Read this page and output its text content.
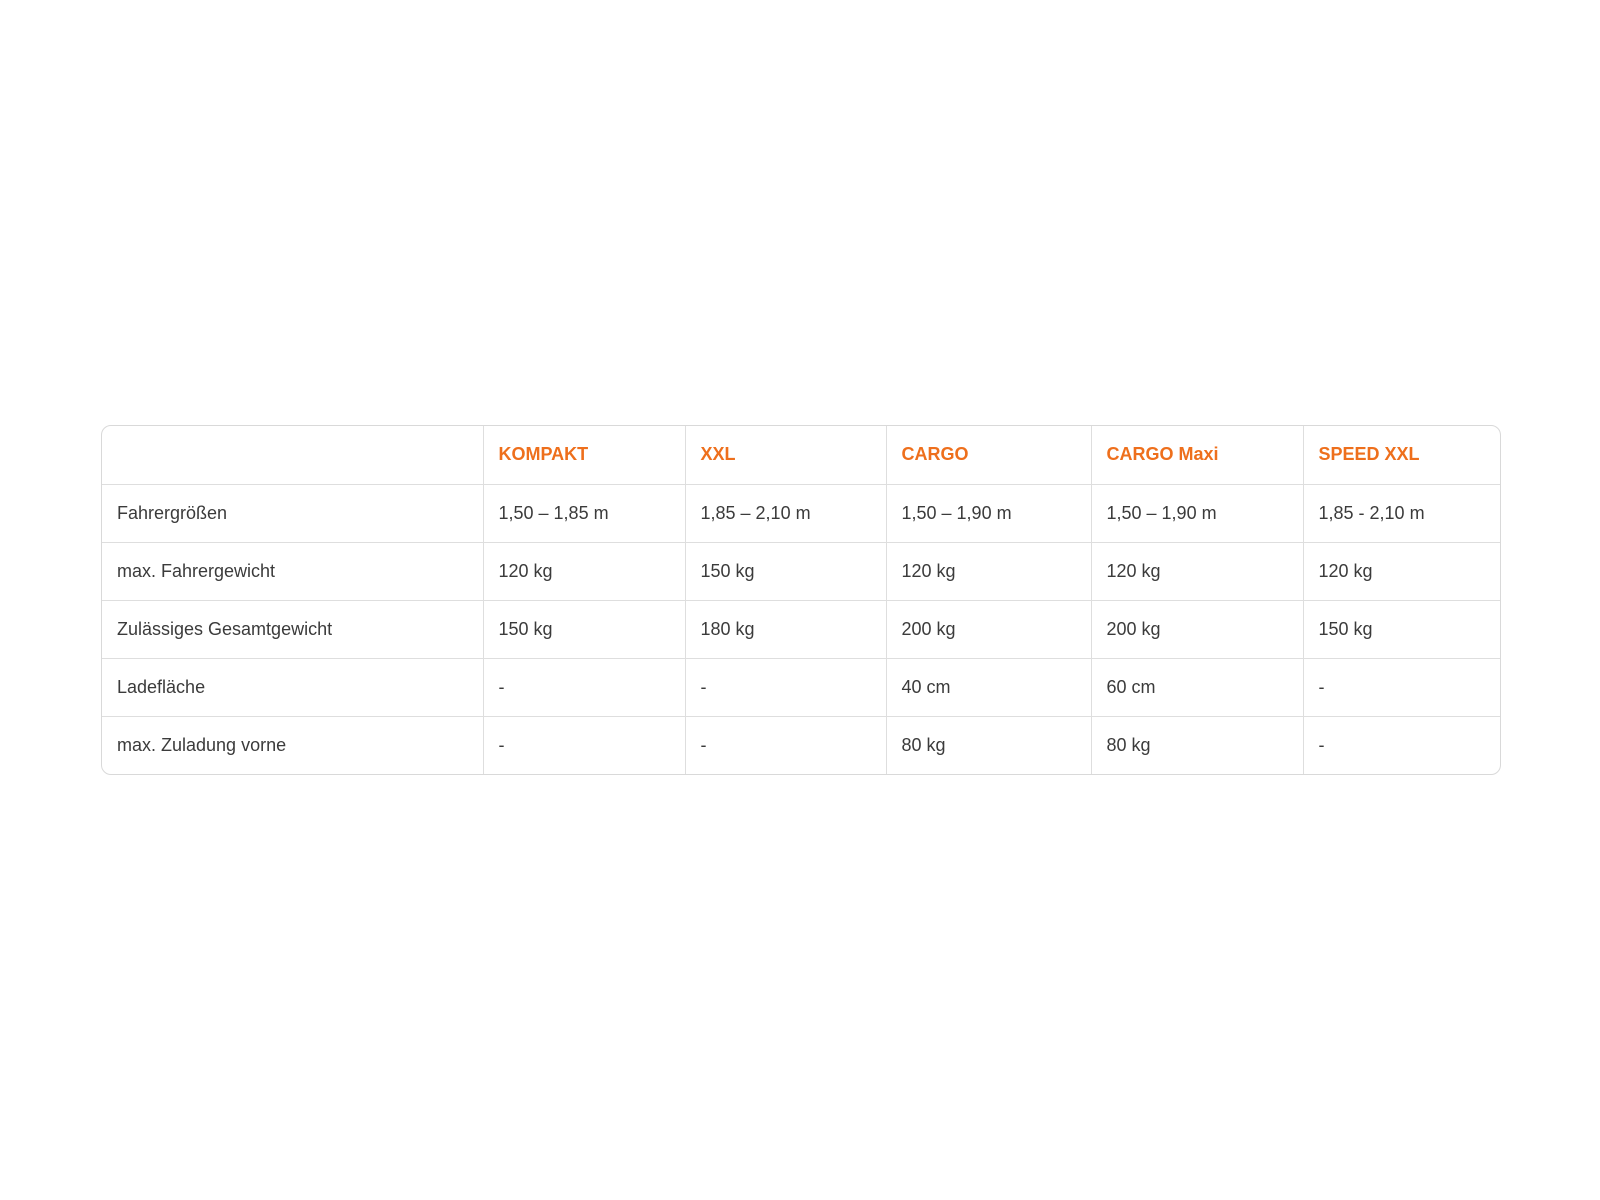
	KOMPAKT	XXL	CARGO	CARGO Maxi	SPEED XXL
Fahrergrößen	1,50 – 1,85 m	1,85 – 2,10 m	1,50 – 1,90 m	1,50 – 1,90 m	1,85 - 2,10 m
max. Fahrergewicht	120 kg	150 kg	120 kg	120 kg	120 kg
Zulässiges Gesamtgewicht	150 kg	180 kg	200 kg	200 kg	150 kg
Ladefläche	-	-	40 cm	60 cm	-
max. Zuladung vorne	-	-	80 kg	80 kg	-
